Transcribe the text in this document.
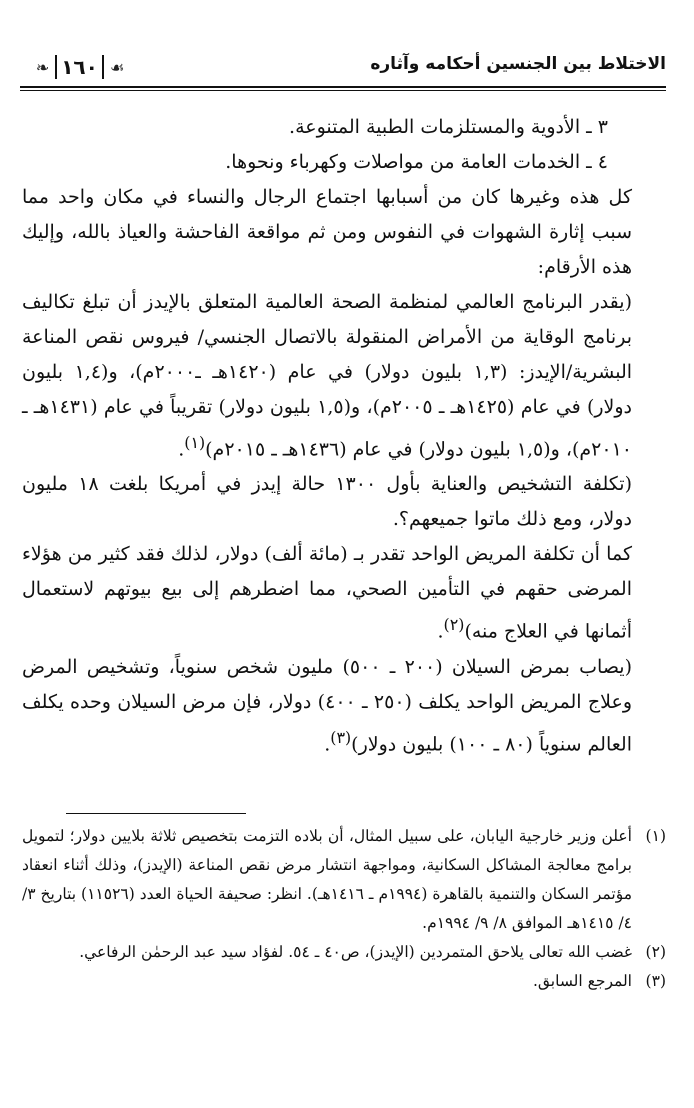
الاختلاط بين الجنسين أحكامه وآثاره
❧ ١٦٠ ☙

٣ ـ الأدوية والمستلزمات الطبية المتنوعة.

٤ ـ الخدمات العامة من مواصلات وكهرباء ونحوها.

كل هذه وغيرها كان من أسبابها اجتماع الرجال والنساء في مكان واحد مما سبب إثارة الشهوات في النفوس ومن ثم مواقعة الفاحشة والعياذ بالله، وإليك هذه الأرقام:

(يقدر البرنامج العالمي لمنظمة الصحة العالمية المتعلق بالإيدز أن تبلغ تكاليف برنامج الوقاية من الأمراض المنقولة بالاتصال الجنسي/ فيروس نقص المناعة البشرية/الإيدز: (١,٣ بليون دولار) في عام (١٤٢٠هـ ـ٢٠٠٠م)، و(١,٤ بليون دولار) في عام (١٤٢٥هـ ـ ٢٠٠٥م)، و(١,٥ بليون دولار) تقريباً في عام (١٤٣١هـ ـ ٢٠١٠م)، و(١,٥ بليون دولار) في عام (١٤٣٦هـ ـ ٢٠١٥م)$^{(١)}$.

(تكلفة التشخيص والعناية بأول ١٣٠٠ حالة إيدز في أمريكا بلغت ١٨ مليون دولار، ومع ذلك ماتوا جميعهم؟.

كما أن تكلفة المريض الواحد تقدر بـ (مائة ألف) دولار، لذلك فقد كثير من هؤلاء المرضى حقهم في التأمين الصحي، مما اضطرهم إلى بيع بيوتهم لاستعمال أثمانها في العلاج منه)$^{(٢)}$.

(يصاب بمرض السيلان (٢٠٠ ـ ٥٠٠) مليون شخص سنوياً، وتشخيص المرض وعلاج المريض الواحد يكلف (٢٥٠ ـ ٤٠٠) دولار، فإن مرض السيلان وحده يكلف العالم سنوياً (٨٠ ـ ١٠٠) بليون دولار)$^{(٣)}$.

(١)
أعلن وزير خارجية اليابان، على سبيل المثال، أن بلاده التزمت بتخصيص ثلاثة بلايين دولار؛ لتمويل برامج معالجة المشاكل السكانية، ومواجهة انتشار مرض نقص المناعة (الإيدز)، وذلك أثناء انعقاد مؤتمر السكان والتنمية بالقاهرة (١٩٩٤م ـ ١٤١٦هـ). انظر: صحيفة الحياة العدد (١١٥٢٦) بتاريخ ٣/ ٤/ ١٤١٥هـ الموافق ٨/ ٩/ ١٩٩٤م.
(٢)
غضب الله تعالى يلاحق المتمردين (الإيدز)، ص٤٠ ـ ٥٤. لفؤاد سيد عبد الرحمٰن الرفاعي.
(٣)
المرجع السابق.
